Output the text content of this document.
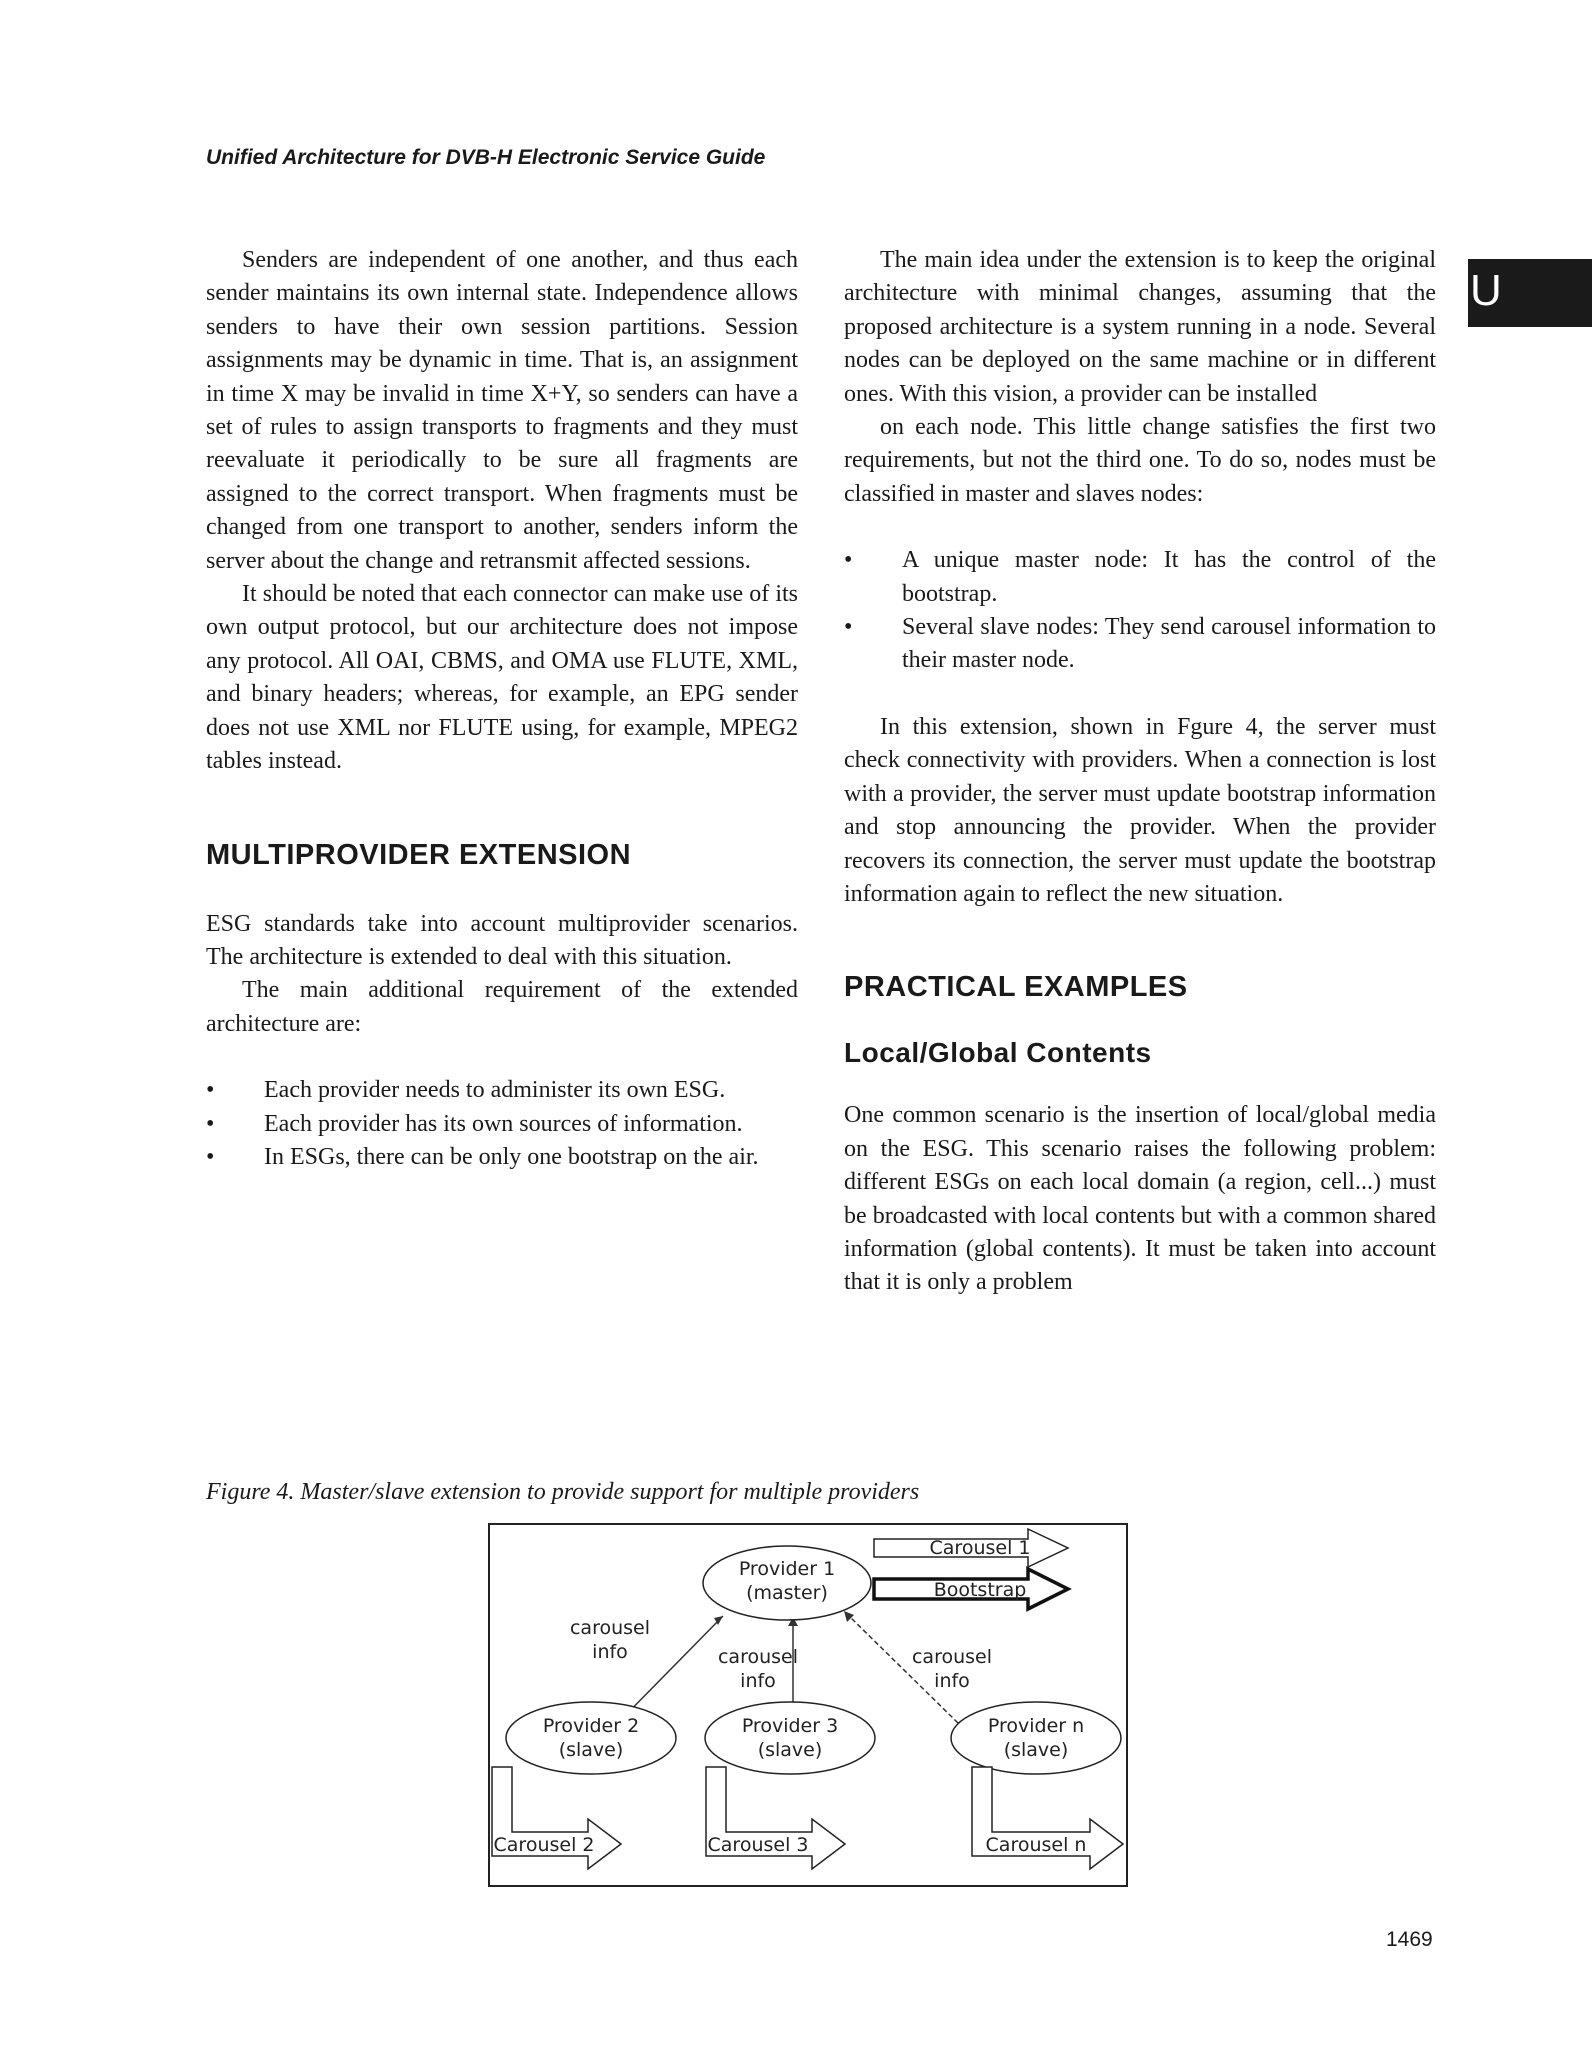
Unified Architecture for DVB-H Electronic Service Guide
U

Senders are independent of one another, and thus each sender maintains its own internal state. Independence allows senders to have their own session partitions. Session assignments may be dynamic in time. That is, an assignment in time X may be invalid in time X+Y, so senders can have a set of rules to assign transports to fragments and they must reevaluate it periodically to be sure all fragments are assigned to the correct transport. When fragments must be changed from one transport to another, senders inform the server about the change and retransmit affected sessions.

It should be noted that each connector can make use of its own output protocol, but our architecture does not impose any protocol. All OAI, CBMS, and OMA use FLUTE, XML, and binary headers; whereas, for example, an EPG sender does not use XML nor FLUTE using, for example, MPEG2 tables instead.

MULTIPROVIDER EXTENSION

ESG standards take into account multiprovider scenarios. The architecture is extended to deal with this situation.

The main additional requirement of the extended architecture are:

• Each provider needs to administer its own ESG.
• Each provider has its own sources of information.
• In ESGs, there can be only one bootstrap on the air.

The main idea under the extension is to keep the original architecture with minimal changes, assuming that the proposed architecture is a system running in a node. Several nodes can be deployed on the same machine or in different ones. With this vision, a provider can be installed

on each node. This little change satisfies the first two requirements, but not the third one. To do so, nodes must be classified in master and slaves nodes:

• A unique master node: It has the control of the bootstrap.
• Several slave nodes: They send carousel information to their master node.

In this extension, shown in Fgure 4, the server must check connectivity with providers. When a connection is lost with a provider, the server must update bootstrap information and stop announcing the provider. When the provider recovers its connection, the server must update the bootstrap information again to reflect the new situation.

PRACTICAL EXAMPLES
Local/Global Contents

One common scenario is the insertion of local/global media on the ESG. This scenario raises the following problem: different ESGs on each local domain (a region, cell...) must be broadcasted with local contents but with a common shared information (global contents). It must be taken into account that it is only a problem

Figure 4. Master/slave extension to provide support for multiple providers
Provider 1
(master)
carousel
info	carousel
info
carousel
info
Provider 2
(slave)
Provider 3
(slave)
Provider n
(slave)
Carousel 1
Bootstrap
Carousel 2	Carousel 3	Carousel n
1469
